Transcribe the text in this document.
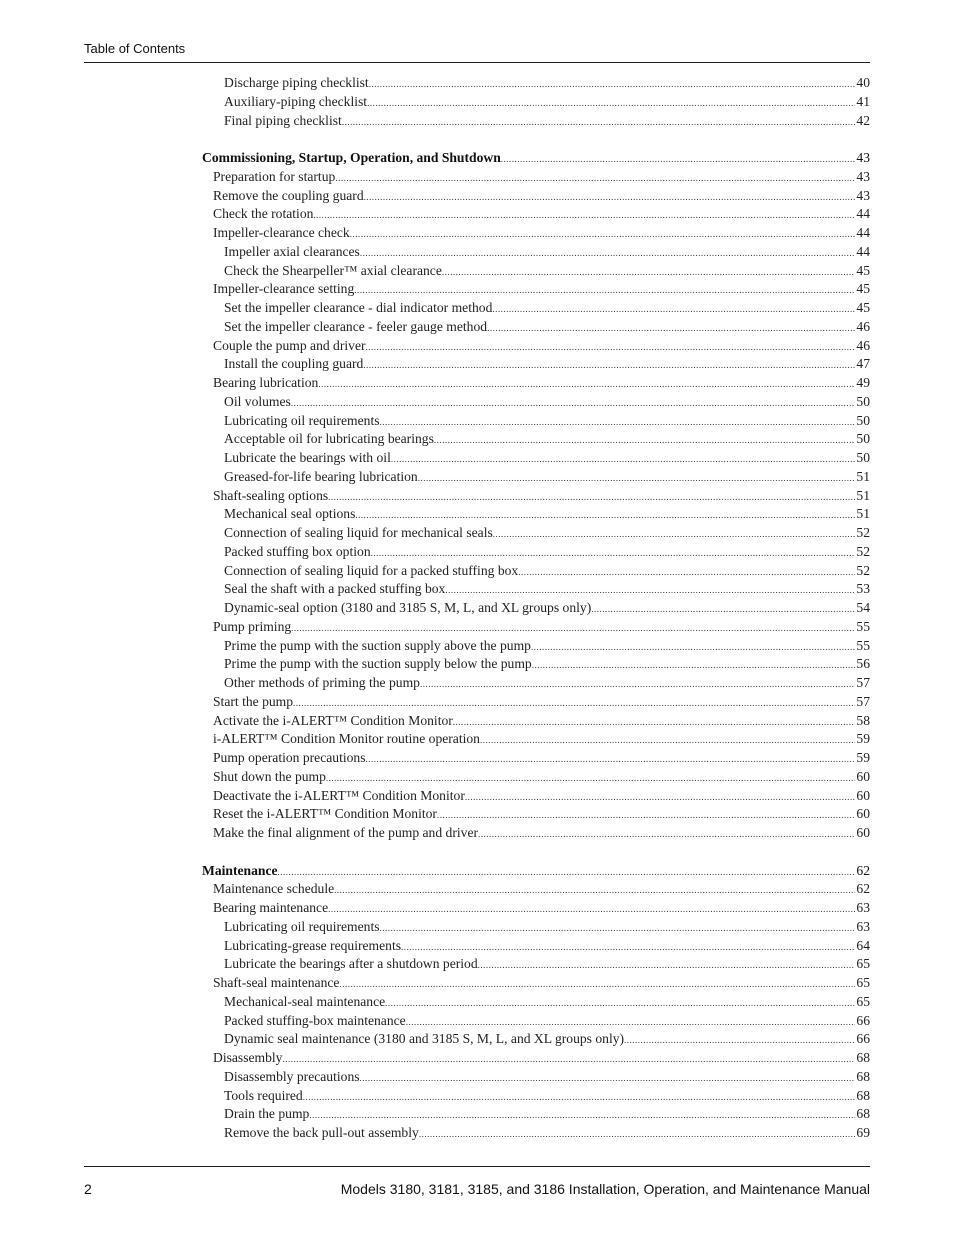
Table of Contents
Discharge piping checklist .....	40
Auxiliary-piping checklist .....	41
Final piping checklist .....	42
Commissioning, Startup, Operation, and Shutdown .....	43
Preparation for startup .....	43
Remove the coupling guard .....	43
Check the rotation .....	44
Impeller-clearance check .....	44
Impeller axial clearances .....	44
Check the Shearpeller™ axial clearance .....	45
Impeller-clearance setting .....	45
Set the impeller clearance - dial indicator method .....	45
Set the impeller clearance - feeler gauge method .....	46
Couple the pump and driver .....	46
Install the coupling guard .....	47
Bearing lubrication .....	49
Oil volumes .....	50
Lubricating oil requirements .....	50
Acceptable oil for lubricating bearings .....	50
Lubricate the bearings with oil .....	50
Greased-for-life bearing lubrication .....	51
Shaft-sealing options .....	51
Mechanical seal options .....	51
Connection of sealing liquid for mechanical seals .....	52
Packed stuffing box option .....	52
Connection of sealing liquid for a packed stuffing box .....	52
Seal the shaft with a packed stuffing box .....	53
Dynamic-seal option (3180 and 3185 S, M, L, and XL groups only) .....	54
Pump priming .....	55
Prime the pump with the suction supply above the pump .....	55
Prime the pump with the suction supply below the pump .....	56
Other methods of priming the pump .....	57
Start the pump .....	57
Activate the i-ALERT™ Condition Monitor .....	58
i-ALERT™ Condition Monitor routine operation .....	59
Pump operation precautions .....	59
Shut down the pump .....	60
Deactivate the i-ALERT™ Condition Monitor .....	60
Reset the i-ALERT™ Condition Monitor .....	60
Make the final alignment of the pump and driver .....	60
Maintenance .....	62
Maintenance schedule .....	62
Bearing maintenance .....	63
Lubricating oil requirements .....	63
Lubricating-grease requirements .....	64
Lubricate the bearings after a shutdown period .....	65
Shaft-seal maintenance .....	65
Mechanical-seal maintenance .....	65
Packed stuffing-box maintenance .....	66
Dynamic seal maintenance (3180 and 3185 S, M, L, and XL groups only) .....	66
Disassembly .....	68
Disassembly precautions .....	68
Tools required .....	68
Drain the pump .....	68
Remove the back pull-out assembly .....	69
2	Models 3180, 3181, 3185, and 3186 Installation, Operation, and Maintenance Manual
